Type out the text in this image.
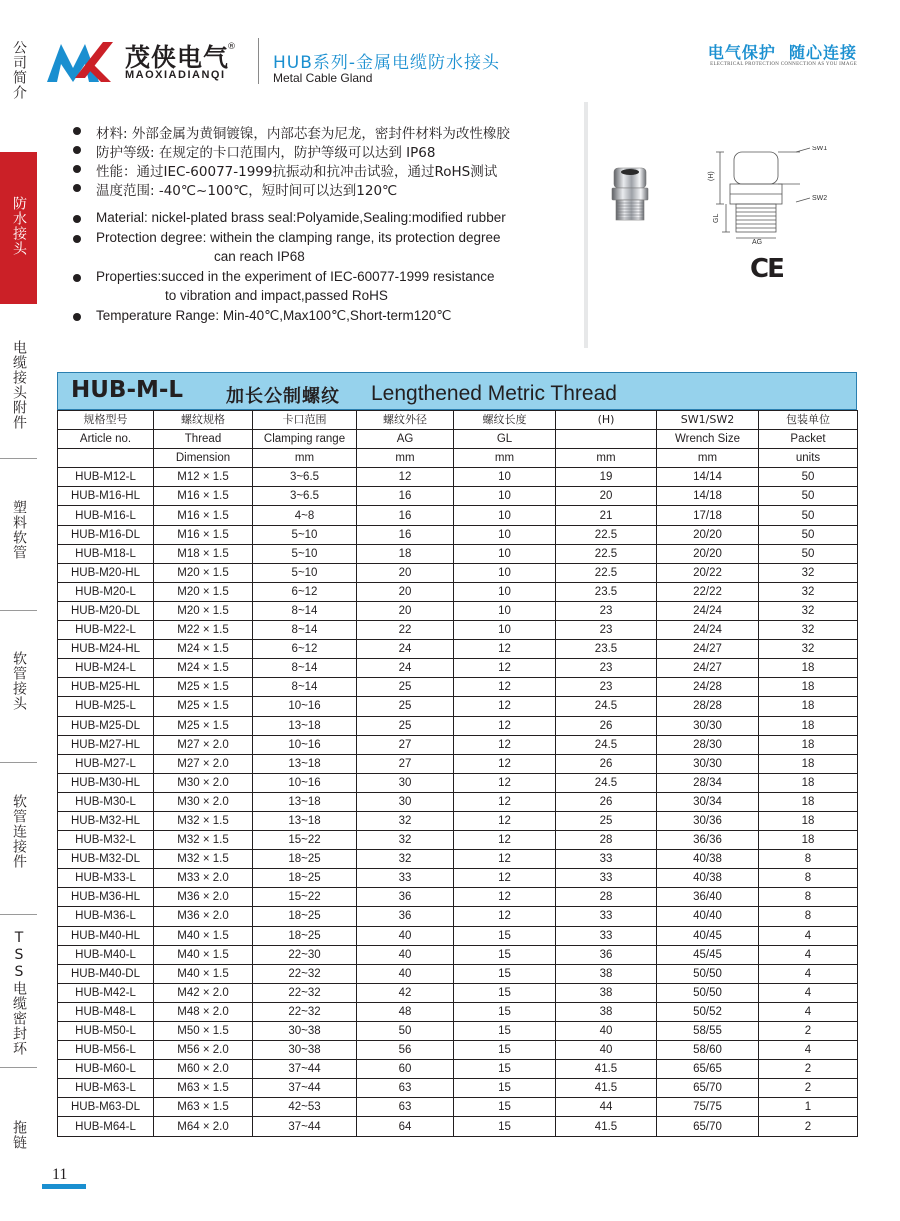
公司简介
防水接头
电缆接头附件
塑料软管
软管接头
软管连接件
TSS电缆密封环
拖链
茂侠电气
®
MAOXIADIANQI
HUB系列-金属电缆防水接头
Metal Cable Gland
电气保护  随心连接
ELECTRICAL PROTECTION CONNECTION AS YOU IMAGE
材料: 外部金属为黄铜镀镍，内部芯套为尼龙，密封件材料为改性橡胶
防护等级: 在规定的卡口范围内，防护等级可以达到 IP68
性能：通过IEC-60077-1999抗振动和抗冲击试验，通过RoHS测试
温度范围: -40℃~100℃，短时间可以达到120℃
Material: nickel-plated brass seal:Polyamide,Sealing:modified rubber
Protection degree: withein the clamping range, its protection degree
can reach IP68
Properties:succed in the experiment of IEC-60077-1999 resistance
to vibration and impact,passed RoHS
Temperature Range: Min-40℃,Max100℃,Short-term120℃
SW1
SW2
(H)
GL
AG
CE
HUB-M-L 加长公制螺纹 Lengthened Metric Thread
规格型号	螺纹规格	卡口范围	螺纹外径	螺纹长度	(H)	SW1/SW2	包装单位
Article no.	Thread	Clamping range	AG	GL		Wrench Size	Packet
	Dimension	mm	mm	mm	mm	mm	units
HUB-M12-L	M12 × 1.5	3~6.5	12	10	19	14/14	50
HUB-M16-HL	M16 × 1.5	3~6.5	16	10	20	14/18	50
HUB-M16-L	M16 × 1.5	4~8	16	10	21	17/18	50
HUB-M16-DL	M16 × 1.5	5~10	16	10	22.5	20/20	50
HUB-M18-L	M18 × 1.5	5~10	18	10	22.5	20/20	50
HUB-M20-HL	M20 × 1.5	5~10	20	10	22.5	20/22	32
HUB-M20-L	M20 × 1.5	6~12	20	10	23.5	22/22	32
HUB-M20-DL	M20 × 1.5	8~14	20	10	23	24/24	32
HUB-M22-L	M22 × 1.5	8~14	22	10	23	24/24	32
HUB-M24-HL	M24 × 1.5	6~12	24	12	23.5	24/27	32
HUB-M24-L	M24 × 1.5	8~14	24	12	23	24/27	18
HUB-M25-HL	M25 × 1.5	8~14	25	12	23	24/28	18
HUB-M25-L	M25 × 1.5	10~16	25	12	24.5	28/28	18
HUB-M25-DL	M25 × 1.5	13~18	25	12	26	30/30	18
HUB-M27-HL	M27 × 2.0	10~16	27	12	24.5	28/30	18
HUB-M27-L	M27 × 2.0	13~18	27	12	26	30/30	18
HUB-M30-HL	M30 × 2.0	10~16	30	12	24.5	28/34	18
HUB-M30-L	M30 × 2.0	13~18	30	12	26	30/34	18
HUB-M32-HL	M32 × 1.5	13~18	32	12	25	30/36	18
HUB-M32-L	M32 × 1.5	15~22	32	12	28	36/36	18
HUB-M32-DL	M32 × 1.5	18~25	32	12	33	40/38	8
HUB-M33-L	M33 × 2.0	18~25	33	12	33	40/38	8
HUB-M36-HL	M36 × 2.0	15~22	36	12	28	36/40	8
HUB-M36-L	M36 × 2.0	18~25	36	12	33	40/40	8
HUB-M40-HL	M40 × 1.5	18~25	40	15	33	40/45	4
HUB-M40-L	M40 × 1.5	22~30	40	15	36	45/45	4
HUB-M40-DL	M40 × 1.5	22~32	40	15	38	50/50	4
HUB-M42-L	M42 × 2.0	22~32	42	15	38	50/50	4
HUB-M48-L	M48 × 2.0	22~32	48	15	38	50/52	4
HUB-M50-L	M50 × 1.5	30~38	50	15	40	58/55	2
HUB-M56-L	M56 × 2.0	30~38	56	15	40	58/60	4
HUB-M60-L	M60 × 2.0	37~44	60	15	41.5	65/65	2
HUB-M63-L	M63 × 1.5	37~44	63	15	41.5	65/70	2
HUB-M63-DL	M63 × 1.5	42~53	63	15	44	75/75	1
HUB-M64-L	M64 × 2.0	37~44	64	15	41.5	65/70	2
11
